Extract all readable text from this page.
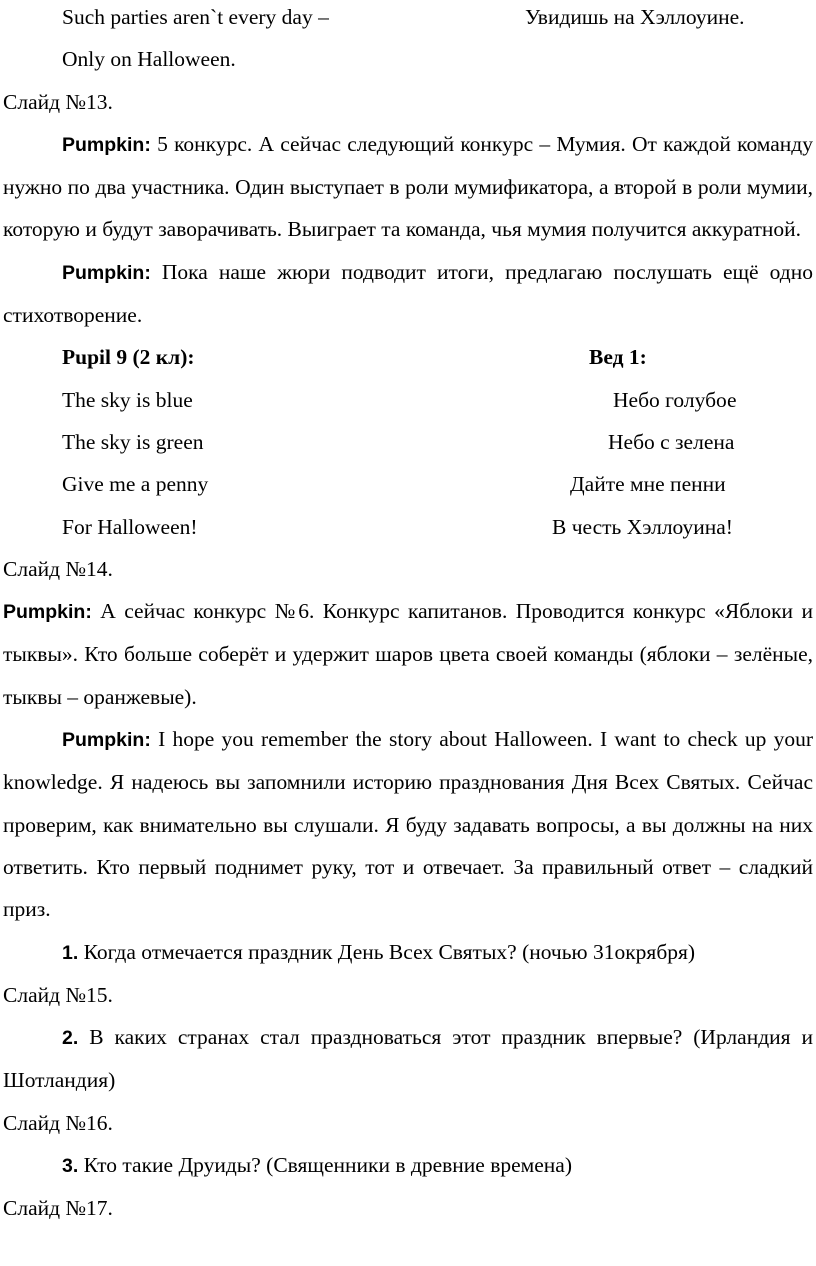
Such parties aren`t every day –	Увидишь на Хэллоуине.
Only on Halloween.

Слайд №13.

Pumpkin: 5 конкурс. А сейчас следующий конкурс – Мумия. От каждой команду нужно по два участника. Один выступает в роли мумификатора, а второй в роли мумии, которую и будут заворачивать. Выиграет та команда, чья мумия получится аккуратной.

Pumpkin: Пока наше жюри подводит итоги, предлагаю послушать ещё одно стихотворение.

Pupil 9 (2 кл):	Вед 1:
The sky is blue	Небо голубое
The sky is green	Небо с зелена
Give me a penny	Дайте мне пенни
For Halloween!	В честь Хэллоуина!

Слайд №14.

Pumpkin: А сейчас конкурс №6. Конкурс капитанов. Проводится конкурс «Яблоки и тыквы». Кто больше соберёт и удержит шаров цвета своей команды (яблоки – зелёные, тыквы – оранжевые).

Pumpkin: I hope you remember the story about Halloween. I want to check up your knowledge. Я надеюсь вы запомнили историю празднования Дня Всех Святых. Сейчас проверим, как внимательно вы слушали. Я буду задавать вопросы, а вы должны на них ответить. Кто первый поднимет руку, тот и отвечает. За правильный ответ – сладкий приз.

1. Когда отмечается праздник День Всех Святых? (ночью 31окрября)

Слайд №15.

2. В каких странах стал праздноваться этот праздник впервые? (Ирландия и Шотландия)

Слайд №16.

3. Кто такие Друиды? (Священники в древние времена)

Слайд №17.
